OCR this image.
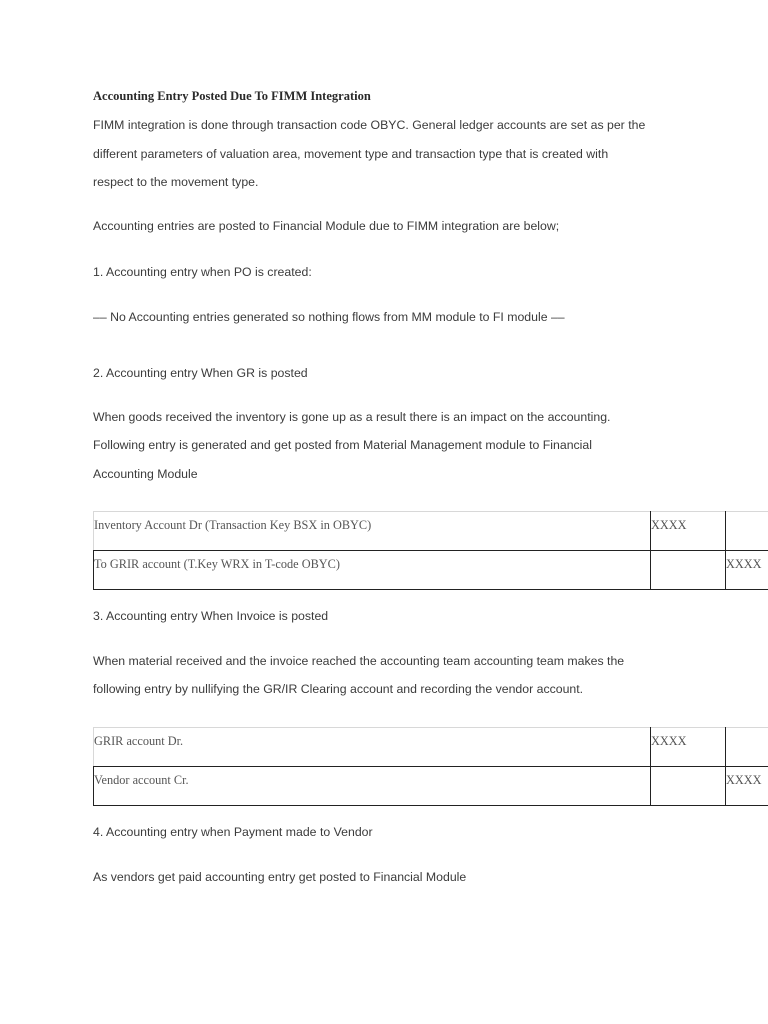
Accounting Entry Posted Due To FIMM Integration

FIMM integration is done through transaction code OBYC. General ledger accounts are set as per the

different parameters of valuation area, movement type and transaction type that is created with

respect to the movement type.

Accounting entries are posted to Financial Module due to FIMM integration are below;

1. Accounting entry when PO is created:

–– No Accounting entries generated so nothing flows from MM module to FI module ––

2. Accounting entry When GR is posted

When goods received the inventory is gone up as a result there is an impact on the accounting.

Following entry is generated and get posted from Material Management module to Financial

Accounting Module

Inventory Account Dr (Transaction Key BSX in OBYC)	XXXX	

To GRIR account (T.Key WRX in T-code OBYC)		XXXX

3. Accounting entry When Invoice is posted

When material received and the invoice reached the accounting team accounting team makes the

following entry by nullifying the GR/IR Clearing account and recording the vendor account.

GRIR account Dr.	XXXX	

Vendor account Cr.		XXXX

4. Accounting entry when Payment made to Vendor

As vendors get paid accounting entry get posted to Financial Module
